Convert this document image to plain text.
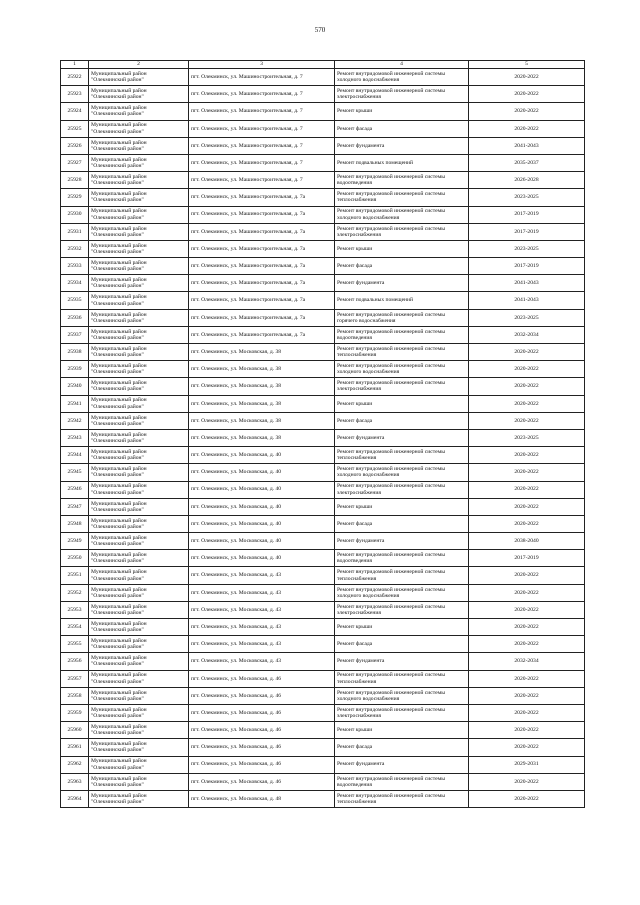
570
1	2	3	4	5
25922	Муниципальный район
"Олекминский район"	пгт. Олекминск, ул. Машиностроительная, д. 7	Ремонт внутридомовой инженерной системы
холодного водоснабжения	2020-2022
25923	Муниципальный район
"Олекминский район"	пгт. Олекминск, ул. Машиностроительная, д. 7	Ремонт внутридомовой инженерной системы
электроснабжения	2020-2022
25924	Муниципальный район
"Олекминский район"	пгт. Олекминск, ул. Машиностроительная, д. 7	Ремонт крыши	2020-2022
25925	Муниципальный район
"Олекминский район"	пгт. Олекминск, ул. Машиностроительная, д. 7	Ремонт фасада	2020-2022
25926	Муниципальный район
"Олекминский район"	пгт. Олекминск, ул. Машиностроительная, д. 7	Ремонт фундамента	2041-2043
25927	Муниципальный район
"Олекминский район"	пгт. Олекминск, ул. Машиностроительная, д. 7	Ремонт подвальных помещений	2035-2037
25928	Муниципальный район
"Олекминский район"	пгт. Олекминск, ул. Машиностроительная, д. 7	Ремонт внутридомовой инженерной системы
водоотведения	2026-2028
25929	Муниципальный район
"Олекминский район"	пгт. Олекминск, ул. Машиностроительная, д. 7а	Ремонт внутридомовой инженерной системы
теплоснабжения	2023-2025
25930	Муниципальный район
"Олекминский район"	пгт. Олекминск, ул. Машиностроительная, д. 7а	Ремонт внутридомовой инженерной системы
холодного водоснабжения	2017-2019
25931	Муниципальный район
"Олекминский район"	пгт. Олекминск, ул. Машиностроительная, д. 7а	Ремонт внутридомовой инженерной системы
электроснабжения	2017-2019
25932	Муниципальный район
"Олекминский район"	пгт. Олекминск, ул. Машиностроительная, д. 7а	Ремонт крыши	2023-2025
25933	Муниципальный район
"Олекминский район"	пгт. Олекминск, ул. Машиностроительная, д. 7а	Ремонт фасада	2017-2019
25934	Муниципальный район
"Олекминский район"	пгт. Олекминск, ул. Машиностроительная, д. 7а	Ремонт фундамента	2041-2043
25935	Муниципальный район
"Олекминский район"	пгт. Олекминск, ул. Машиностроительная, д. 7а	Ремонт подвальных помещений	2041-2043
25936	Муниципальный район
"Олекминский район"	пгт. Олекминск, ул. Машиностроительная, д. 7а	Ремонт внутридомовой инженерной системы
горячего водоснабжения	2023-2025
25937	Муниципальный район
"Олекминский район"	пгт. Олекминск, ул. Машиностроительная, д. 7а	Ремонт внутридомовой инженерной системы
водоотведения	2032-2034
25938	Муниципальный район
"Олекминский район"	пгт. Олекминск, ул. Московская, д. 38	Ремонт внутридомовой инженерной системы
теплоснабжения	2020-2022
25939	Муниципальный район
"Олекминский район"	пгт. Олекминск, ул. Московская, д. 38	Ремонт внутридомовой инженерной системы
холодного водоснабжения	2020-2022
25940	Муниципальный район
"Олекминский район"	пгт. Олекминск, ул. Московская, д. 38	Ремонт внутридомовой инженерной системы
электроснабжения	2020-2022
25941	Муниципальный район
"Олекминский район"	пгт. Олекминск, ул. Московская, д. 38	Ремонт крыши	2020-2022
25942	Муниципальный район
"Олекминский район"	пгт. Олекминск, ул. Московская, д. 38	Ремонт фасада	2020-2022
25943	Муниципальный район
"Олекминский район"	пгт. Олекминск, ул. Московская, д. 38	Ремонт фундамента	2023-2025
25944	Муниципальный район
"Олекминский район"	пгт. Олекминск, ул. Московская, д. 40	Ремонт внутридомовой инженерной системы
теплоснабжения	2020-2022
25945	Муниципальный район
"Олекминский район"	пгт. Олекминск, ул. Московская, д. 40	Ремонт внутридомовой инженерной системы
холодного водоснабжения	2020-2022
25946	Муниципальный район
"Олекминский район"	пгт. Олекминск, ул. Московская, д. 40	Ремонт внутридомовой инженерной системы
электроснабжения	2020-2022
25947	Муниципальный район
"Олекминский район"	пгт. Олекминск, ул. Московская, д. 40	Ремонт крыши	2020-2022
25948	Муниципальный район
"Олекминский район"	пгт. Олекминск, ул. Московская, д. 40	Ремонт фасада	2020-2022
25949	Муниципальный район
"Олекминский район"	пгт. Олекминск, ул. Московская, д. 40	Ремонт фундамента	2038-2040
25950	Муниципальный район
"Олекминский район"	пгт. Олекминск, ул. Московская, д. 40	Ремонт внутридомовой инженерной системы
водоотведения	2017-2019
25951	Муниципальный район
"Олекминский район"	пгт. Олекминск, ул. Московская, д. 43	Ремонт внутридомовой инженерной системы
теплоснабжения	2020-2022
25952	Муниципальный район
"Олекминский район"	пгт. Олекминск, ул. Московская, д. 43	Ремонт внутридомовой инженерной системы
холодного водоснабжения	2020-2022
25953	Муниципальный район
"Олекминский район"	пгт. Олекминск, ул. Московская, д. 43	Ремонт внутридомовой инженерной системы
электроснабжения	2020-2022
25954	Муниципальный район
"Олекминский район"	пгт. Олекминск, ул. Московская, д. 43	Ремонт крыши	2020-2022
25955	Муниципальный район
"Олекминский район"	пгт. Олекминск, ул. Московская, д. 43	Ремонт фасада	2020-2022
25956	Муниципальный район
"Олекминский район"	пгт. Олекминск, ул. Московская, д. 43	Ремонт фундамента	2032-2034
25957	Муниципальный район
"Олекминский район"	пгт. Олекминск, ул. Московская, д. 46	Ремонт внутридомовой инженерной системы
теплоснабжения	2020-2022
25958	Муниципальный район
"Олекминский район"	пгт. Олекминск, ул. Московская, д. 46	Ремонт внутридомовой инженерной системы
холодного водоснабжения	2020-2022
25959	Муниципальный район
"Олекминский район"	пгт. Олекминск, ул. Московская, д. 46	Ремонт внутридомовой инженерной системы
электроснабжения	2020-2022
25960	Муниципальный район
"Олекминский район"	пгт. Олекминск, ул. Московская, д. 46	Ремонт крыши	2020-2022
25961	Муниципальный район
"Олекминский район"	пгт. Олекминск, ул. Московская, д. 46	Ремонт фасада	2020-2022
25962	Муниципальный район
"Олекминский район"	пгт. Олекминск, ул. Московская, д. 46	Ремонт фундамента	2029-2031
25963	Муниципальный район
"Олекминский район"	пгт. Олекминск, ул. Московская, д. 46	Ремонт внутридомовой инженерной системы
водоотведения	2020-2022
25964	Муниципальный район
"Олекминский район"	пгт. Олекминск, ул. Московская, д. 48	Ремонт внутридомовой инженерной системы
теплоснабжения	2020-2022
